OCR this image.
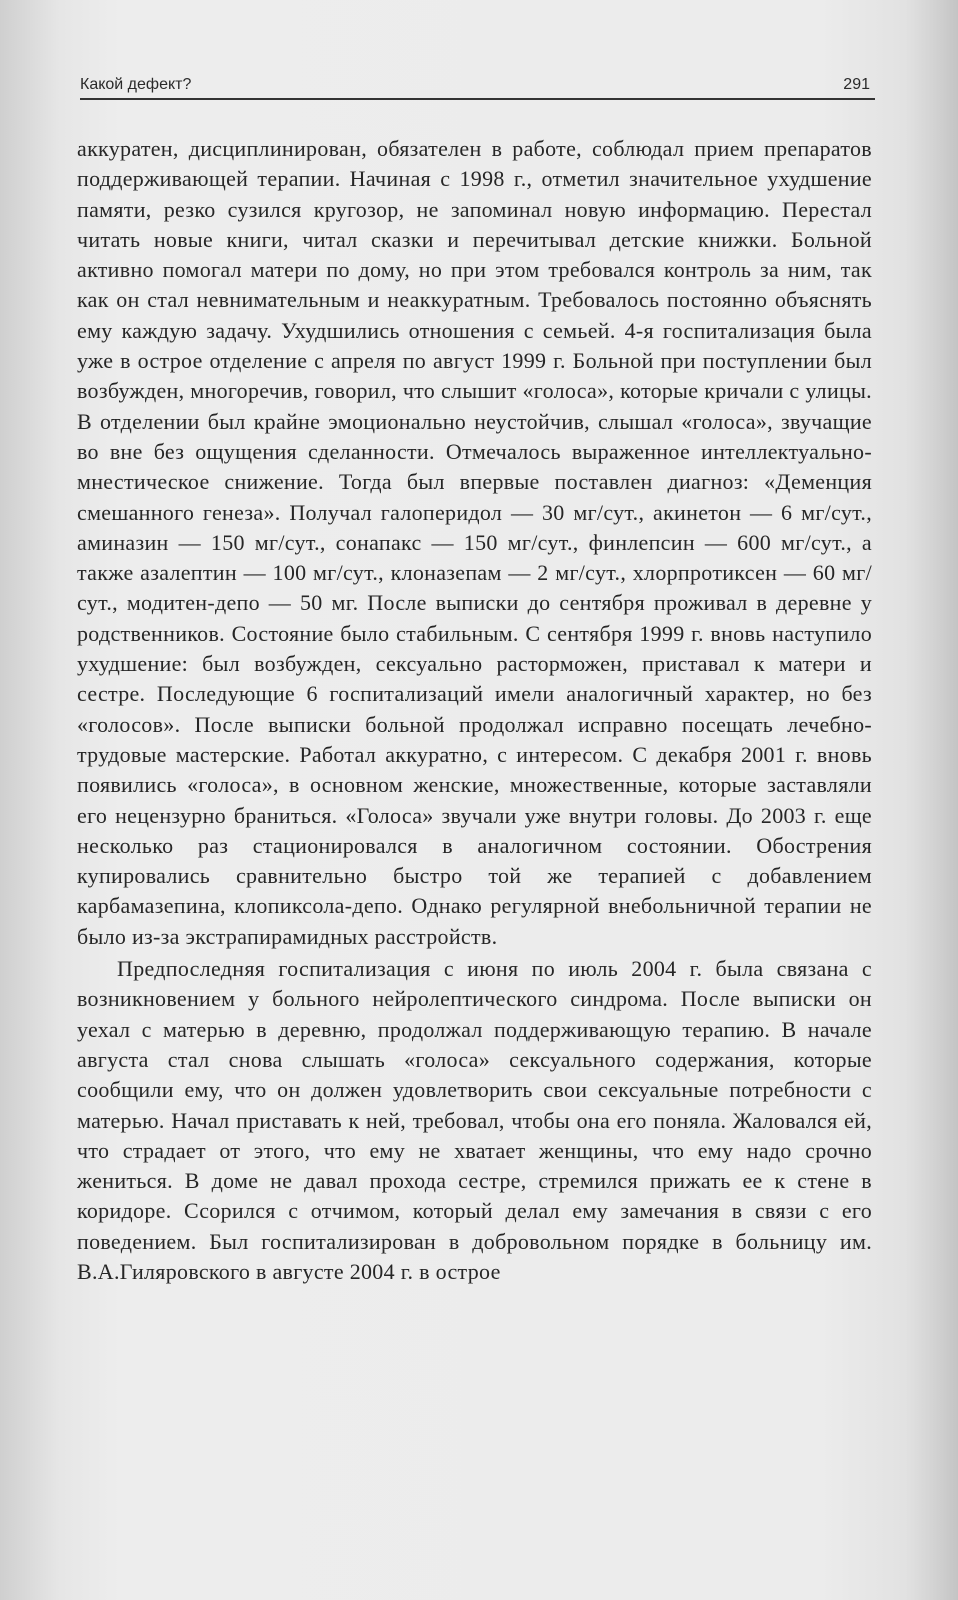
Какой дефект?	291

аккуратен, дисциплинирован, обязателен в работе, соблюдал прием препаратов поддерживающей терапии. Начиная с 1998 г., отметил значительное ухудшение памяти, резко сузился кругозор, не запоминал новую информацию. Перестал читать новые книги, читал сказки и перечитывал детские книжки. Больной активно помогал матери по дому, но при этом требовался контроль за ним, так как он стал невнимательным и неаккуратным. Требовалось постоянно объяснять ему каждую задачу. Ухудшились отношения с семьей. 4-я госпитализация была уже в острое отделение с апреля по август 1999 г. Больной при поступлении был возбужден, многоречив, говорил, что слышит «голоса», которые кричали с улицы. В отделении был крайне эмоционально неустойчив, слышал «голоса», звучащие во вне без ощущения сделанности. Отмечалось выраженное интеллектуально-мнестическое снижение. Тогда был впервые поставлен диагноз: «Деменция смешанного генеза». Получал галоперидол — 30 мг/сут., акинетон — 6 мг/сут., аминазин — 150 мг/сут., сонапакс — 150 мг/сут., финлепсин — 600 мг/сут., а также азалептин — 100 мг/сут., клоназепам — 2 мг/сут., хлорпротиксен — 60 мг/сут., модитен-депо — 50 мг. После выписки до сентября проживал в деревне у родственников. Состояние было стабильным. С сентября 1999 г. вновь наступило ухудшение: был возбужден, сексуально расторможен, приставал к матери и сестре. Последующие 6 госпитализаций имели аналогичный характер, но без «голосов». После выписки больной продолжал исправно посещать лечебно-трудовые мастерские. Работал аккуратно, с интересом. С декабря 2001 г. вновь появились «голоса», в основном женские, множественные, которые заставляли его нецензурно браниться. «Голоса» звучали уже внутри головы. До 2003 г. еще несколько раз стационировался в аналогичном состоянии. Обострения купировались сравнительно быстро той же терапией с добавлением карбамазепина, клопиксола-депо. Однако регулярной внебольничной терапии не было из-за экстрапирамидных расстройств.

Предпоследняя госпитализация с июня по июль 2004 г. была связана с возникновением у больного нейролептического синдрома. После выписки он уехал с матерью в деревню, продолжал поддерживающую терапию. В начале августа стал снова слышать «голоса» сексуального содержания, которые сообщили ему, что он должен удовлетворить свои сексуальные потребности с матерью. Начал приставать к ней, требовал, чтобы она его поняла. Жаловался ей, что страдает от этого, что ему не хватает женщины, что ему надо срочно жениться. В доме не давал прохода сестре, стремился прижать ее к стене в коридоре. Ссорился с отчимом, который делал ему замечания в связи с его поведением. Был госпитализирован в добровольном порядке в больницу им. В.А.Гиляровского в августе 2004 г. в острое
